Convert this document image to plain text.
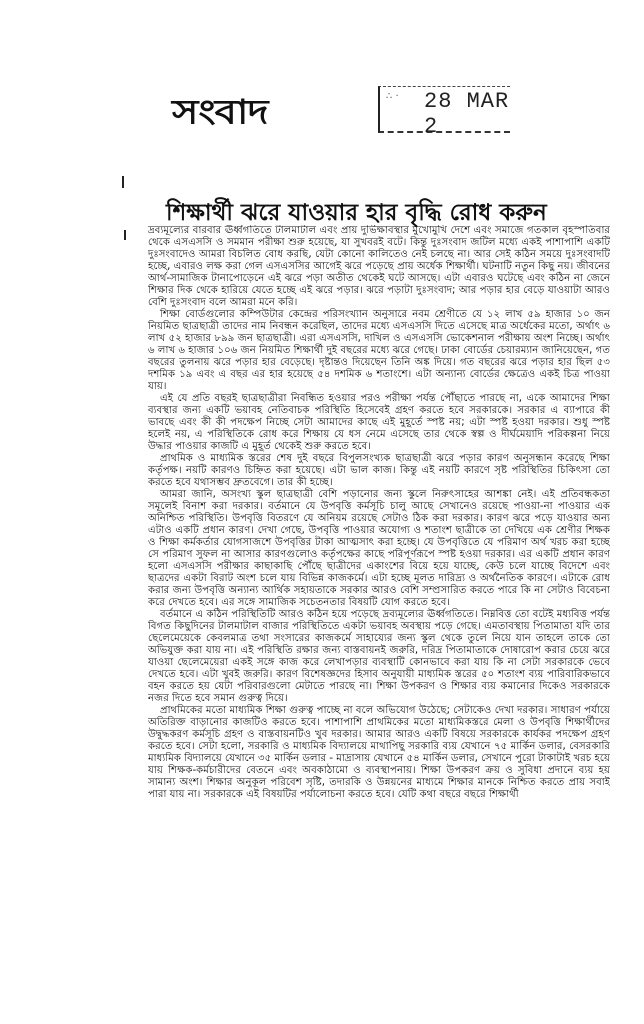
সংবাদ	∴ · 28 MAR 2
শিক্ষার্থী ঝরে যাওয়ার হার বৃদ্ধি রোধ করুন

দ্রব্যমূল্যের বারবার ঊর্ধ্বগতিতে টালমাটাল এবং প্রায় দুর্ভিক্ষাবস্থার মুখোমুখি দেশে এবং সমাজে গতকাল বৃহস্পতিবার থেকে এসএসসি ও সমমান পরীক্ষা শুরু হয়েছে, যা সুখবরই বটে। কিন্তু দুঃসংবাদ জটিল মধ্যে একই পাশাপাশি একটি দুঃসংবাদেও আমরা বিচলিত বোধ করছি, যেটা কোনো কালিতেও নেই চলছে না। আর সেই কঠিন সময়ে দুঃসংবাদটি হচ্ছে, এবারও লক্ষ করা গেল এসএসসির আগেই ঝরে পড়েছে প্রায় অর্ধেক শিক্ষার্থী। ঘটনাটি নতুন কিছু নয়। জীবনের আর্থ-সামাজিক টানাপোড়েনে এই ঝরে পড়া অতীত থেকেই ঘটে আসছে। এটা এবারও ঘটেছে এবং কঠিন না জেনে শিক্ষার দিক থেকে হারিয়ে যেতে হচ্ছে এই ঝরে পড়ার। ঝরে পড়াটা দুঃসংবাদ; আর পড়ার হার বেড়ে যাওয়াটা আরও বেশি দুঃসংবাদ বলে আমরা মনে করি।

শিক্ষা বোর্ডগুলোর কম্পিউটার কেন্দ্রের পরিসংখ্যান অনুসারে নবম শ্রেণীতে যে ১২ লাখ ৫৯ হাজার ১০ জন নিয়মিত ছাত্রছাত্রী তাদের নাম নিবন্ধন করেছিল, তাদের মধ্যে এসএসসি দিতে এসেছে মাত্র অর্ধেকের মতো, অর্থাৎ ৬ লাখ ৫২ হাজার ৮৯৯ জন ছাত্রছাত্রী। এরা এসএসসি, দাখিল ও এসএসসি ভোকেশনাল পরীক্ষায় অংশ নিচ্ছে। অর্থাৎ ৬ লাখ ৬ হাজার ১০৬ জন নিয়মিত শিক্ষার্থী দুই বছরের মধ্যে ঝরে গেছে। ঢাকা বোর্ডের চেয়ারম্যান জানিয়েছেন, গত বছরের তুলনায় ঝরে পড়ার হার বেড়েছে। দৃষ্টান্তও দিয়েছেন তিনি অঙ্ক দিয়ে। গত বছরের ঝরে পড়ার হার ছিল ৫৩ দশমিক ১৯ এবং এ বছর এর হার হয়েছে ৫৪ দশমিক ৬ শতাংশে। এটা অন্যান্য বোর্ডের ক্ষেত্রেও একই চিত্র পাওয়া যায়।

এই যে প্রতি বছরই ছাত্রছাত্রীরা নিবন্ধিত হওয়ার পরও পরীক্ষা পর্যন্ত পৌঁছাতে পারছে না, একে আমাদের শিক্ষা ব্যবস্থার জন্য একটি ভয়াবহ নেতিবাচক পরিস্থিতি হিসেবেই গ্রহণ করতে হবে সরকারকে। সরকার এ ব্যাপারে কী ভাবছে এবং কী কী পদক্ষেপ নিচ্ছে সেটা আমাদের কাছে এই মুহূর্তে স্পষ্ট নয়; এটা স্পষ্ট হওয়া দরকার। শুধু স্পষ্ট হলেই নয়, এ পরিস্থিতিকে রোধ করে শিক্ষায় যে ধস নেমে এসেছে তার থেকে স্বল্প ও দীর্ঘমেয়াদি পরিকল্পনা নিয়ে উদ্ধার পাওয়ার কাজটি এ মুহূর্ত থেকেই শুরু করতে হবে।

প্রাথমিক ও মাধ্যমিক স্তরের শেষ দুই বছরে বিপুলসংখ্যক ছাত্রছাত্রী ঝরে পড়ার কারণ অনুসন্ধান করেছে শিক্ষা কর্তৃপক্ষ। নয়টি কারণও চিহ্নিত করা হয়েছে। এটা ভাল কাজ। কিন্তু এই নয়টি কারণে সৃষ্ট পরিস্থিতির চিকিৎসা তো করতে হবে যথাসম্ভব দ্রুতবেগে। তার কী হচ্ছে।

আমরা জানি, অসংখ্য স্কুল ছাত্রছাত্রী বেশি পড়ানোর জন্য স্কুলে নিরুৎসাহের আশঙ্কা নেই। এই প্রতিবন্ধকতা সমূলেই বিনাশ করা দরকার। বর্তমানে যে উপবৃত্তি কর্মসূচি চালু আছে সেখানেও রয়েছে পাওয়া-না পাওয়ার এক অনিশ্চিত পরিস্থিতি। উপবৃত্তি বিতরণে যে অনিয়ম রয়েছে সেটাও ঠিক করা দরকার। কারণ ঝরে পড়ে যাওয়ার অন্য এটাও একটি প্রধান কারণ। দেখা গেছে, উপবৃত্তি পাওয়ার অযোগ্য ও শতাংশ ছাত্রীকে তা দেখিয়ে এক শ্রেণীর শিক্ষক ও শিক্ষা কর্মকর্তার যোগসাজশে উপবৃত্তির টাকা আত্মসাৎ করা হচ্ছে। যে উপবৃত্তিতে যে পরিমাণ অর্থ খরচ করা হচ্ছে সে পরিমাণ সুফল না আসার কারণগুলোও কর্তৃপক্ষের কাছে পরিপূর্ণরূপে স্পষ্ট হওয়া দরকার। এর একটি প্রধান কারণ হলো এসএসসি পরীক্ষার কাছাকাছি পৌঁছে ছাত্রীদের একাংশের বিয়ে হয়ে যাচ্ছে, কেউ চলে যাচ্ছে বিদেশে এবং ছাত্রদের একটা বিরাট অংশ চলে যায় বিভিন্ন কাজকর্মে। এটা হচ্ছে মূলত দারিদ্র্য ও অর্থনৈতিক কারণে। এটাকে রোধ করার জন্য উপবৃত্তি অন্যান্য আর্থিক সহায়তাকে সরকার আরও বেশি সম্প্রসারিত করতে পারে কি না সেটাও বিবেচনা করে দেখতে হবে। এর সঙ্গে সামাজিক সচেতনতার বিষয়টি যোগ করতে হবে।

বর্তমানে এ কঠিন পরিস্থিতিটি আরও কঠিন হয়ে পড়েছে দ্রব্যমূল্যের ঊর্ধ্বগতিতে। নিম্নবিত্ত তো বটেই মধ্যবিত্ত পর্যন্ত বিগত কিছুদিনের টালমাটাল বাজার পরিস্থিতিতে একটা ভয়াবহ অবস্থায় পড়ে গেছে। এমতাবস্থায় পিতামাতা যদি তার ছেলেমেয়েকে কেবলমাত্র তথা সংসারের কাজকর্মে সাহায্যের জন্য স্কুল থেকে তুলে নিয়ে যান তাহলে তাকে তো অভিযুক্ত করা যায় না। এই পরিস্থিতি রক্ষার জন্য বাস্তবায়নই জরুরি, দরিদ্র পিতামাতাকে দোষারোপ করার চেয়ে ঝরে যাওয়া ছেলেমেয়েরা একই সঙ্গে কাজ করে লেখাপড়ার ব্যবস্থাটি কোনভাবে করা যায় কি না সেটা সরকারকে ভেবে দেখতে হবে। এটা খুবই জরুরি। কারণ বিশেষজ্ঞদের হিসাব অনুযায়ী মাধ্যমিক স্তরের ৫০ শতাংশ ব্যয় পারিবারিকভাবে বহন করতে হয় যেটা পরিবারগুলো মেটাতে পারছে না। শিক্ষা উপকরণ ও শিক্ষার ব্যয় কমানোর দিকেও সরকারকে নজর দিতে হবে সমান গুরুত্ব দিয়ে।

প্রাথমিকের মতো মাধ্যমিক শিক্ষা গুরুত্ব পাচ্ছে না বলে অভিযোগ উঠেছে; সেটাকেও দেখা দরকার। সাধারণ পর্যায়ে অতিরিক্ত বাড়ানোর কাজটিও করতে হবে। পাশাপাশি প্রাথমিকের মতো মাধ্যমিকস্তরে মেলা ও উপবৃত্তি শিক্ষার্থীদের উদ্বুদ্ধকরণ কর্মসূচি গ্রহণ ও বাস্তবায়নটিও খুব দরকার। আমার আরও একটি বিষয়ে সরকারকে কার্যকর পদক্ষেপ গ্রহণ করতে হবে। সেটা হলো, সরকারি ও মাধ্যমিক বিদ্যালয়ে মাথাপিছু সরকারি ব্যয় যেখানে ৭৫ মার্কিন ডলার, বেসরকারি মাধ্যমিক বিদ্যালয়ে যেখানে ৩৫ মার্কিন ডলার - মাদ্রাসায় যেখানে ৫৪ মার্কিন ডলার, সেখানে পুরো টাকাটাই খরচ হয়ে যায় শিক্ষক-কর্মচারীদের বেতনে এবং অবকাঠামো ও ব্যবস্থাপনায়। শিক্ষা উপকরণ ক্রয় ও সুবিধা প্রদানে ব্যয় হয় সামান্য অংশ। শিক্ষার অনুকূল পরিবেশ সৃষ্টি, তদারকি ও উন্নয়নের মাধ্যমে শিক্ষার মানকে নিশ্চিত করতে প্রায় সবাই পারা যায় না। সরকারকে এই বিষয়টির পর্যালোচনা করতে হবে। যেটি কথা বছরে বছরে শিক্ষার্থী
